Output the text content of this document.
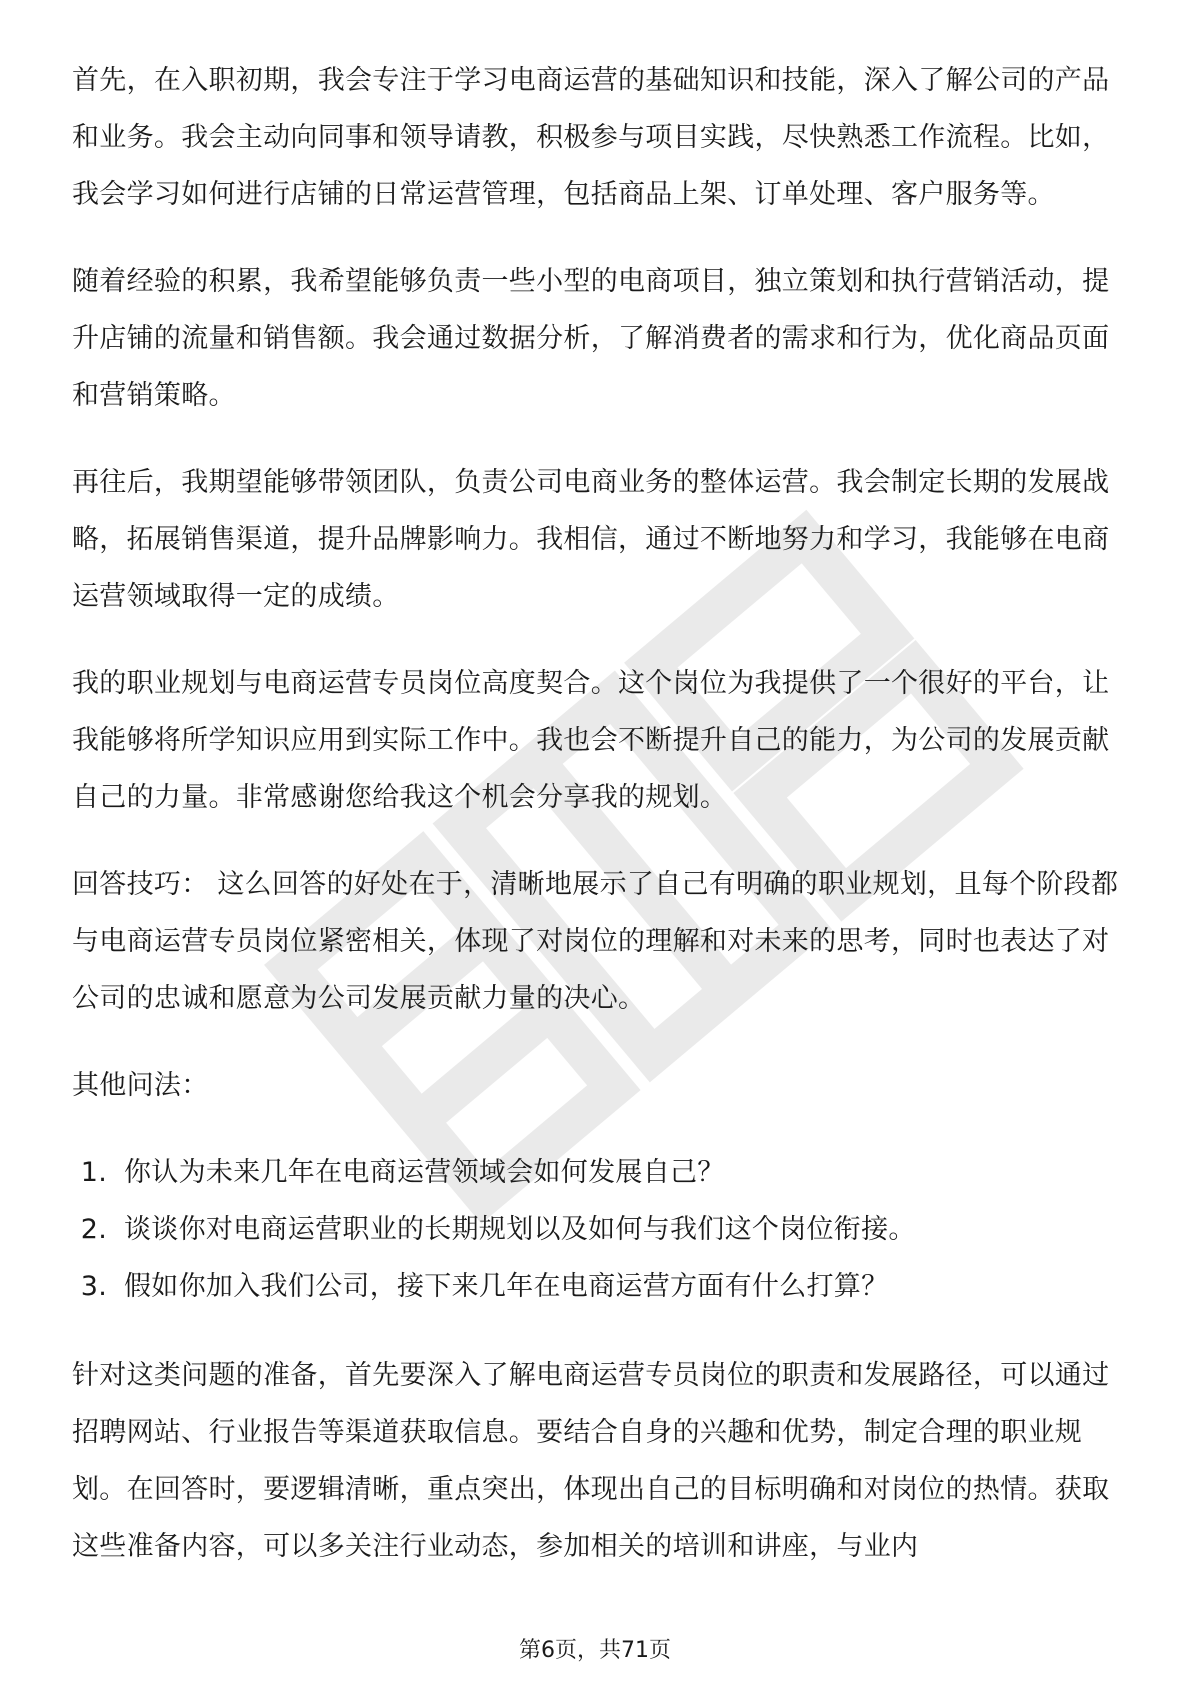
首先，在入职初期，我会专注于学习电商运营的基础知识和技能，深入了解公司的产品和业务。我会主动向同事和领导请教，积极参与项目实践，尽快熟悉工作流程。比如，我会学习如何进行店铺的日常运营管理，包括商品上架、订单处理、客户服务等。

随着经验的积累，我希望能够负责一些小型的电商项目，独立策划和执行营销活动，提升店铺的流量和销售额。我会通过数据分析，了解消费者的需求和行为，优化商品页面和营销策略。

再往后，我期望能够带领团队，负责公司电商业务的整体运营。我会制定长期的发展战略，拓展销售渠道，提升品牌影响力。我相信，通过不断地努力和学习，我能够在电商运营领域取得一定的成绩。

我的职业规划与电商运营专员岗位高度契合。这个岗位为我提供了一个很好的平台，让我能够将所学知识应用到实际工作中。我也会不断提升自己的能力，为公司的发展贡献自己的力量。非常感谢您给我这个机会分享我的规划。

回答技巧： 这么回答的好处在于，清晰地展示了自己有明确的职业规划，且每个阶段都与电商运营专员岗位紧密相关，体现了对岗位的理解和对未来的思考，同时也表达了对公司的忠诚和愿意为公司发展贡献力量的决心。

其他问法：

1. 你认为未来几年在电商运营领域会如何发展自己？
2. 谈谈你对电商运营职业的长期规划以及如何与我们这个岗位衔接。
3. 假如你加入我们公司，接下来几年在电商运营方面有什么打算？

针对这类问题的准备，首先要深入了解电商运营专员岗位的职责和发展路径，可以通过招聘网站、行业报告等渠道获取信息。要结合自身的兴趣和优势，制定合理的职业规划。在回答时，要逻辑清晰，重点突出，体现出自己的目标明确和对岗位的热情。获取这些准备内容，可以多关注行业动态，参加相关的培训和讲座，与业内

第6页，共71页
